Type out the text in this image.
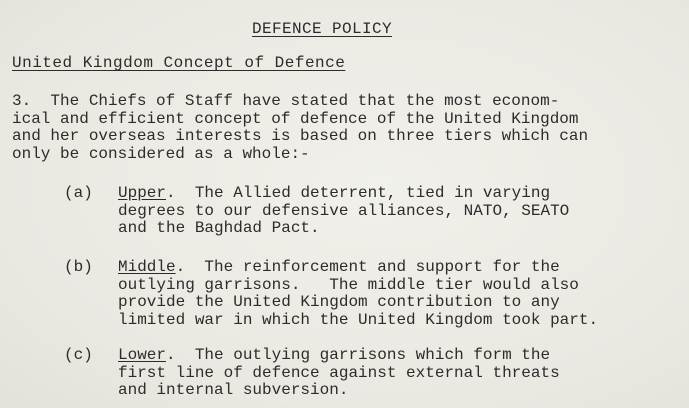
DEFENCE POLICY
United Kingdom Concept of Defence
3. The Chiefs of Staff have stated that the most econom-
ical and efficient concept of defence of the United Kingdom
and her overseas interests is based on three tiers which can
only be considered as a whole:-
(a) Upper.  The Allied deterrent, tied in varying
degrees to our defensive alliances, NATO, SEATO
and the Baghdad Pact.
(b) Middle.  The reinforcement and support for the
outlying garrisons.   The middle tier would also
provide the United Kingdom contribution to any
limited war in which the United Kingdom took part.
(c) Lower.  The outlying garrisons which form the
first line of defence against external threats
and internal subversion.
